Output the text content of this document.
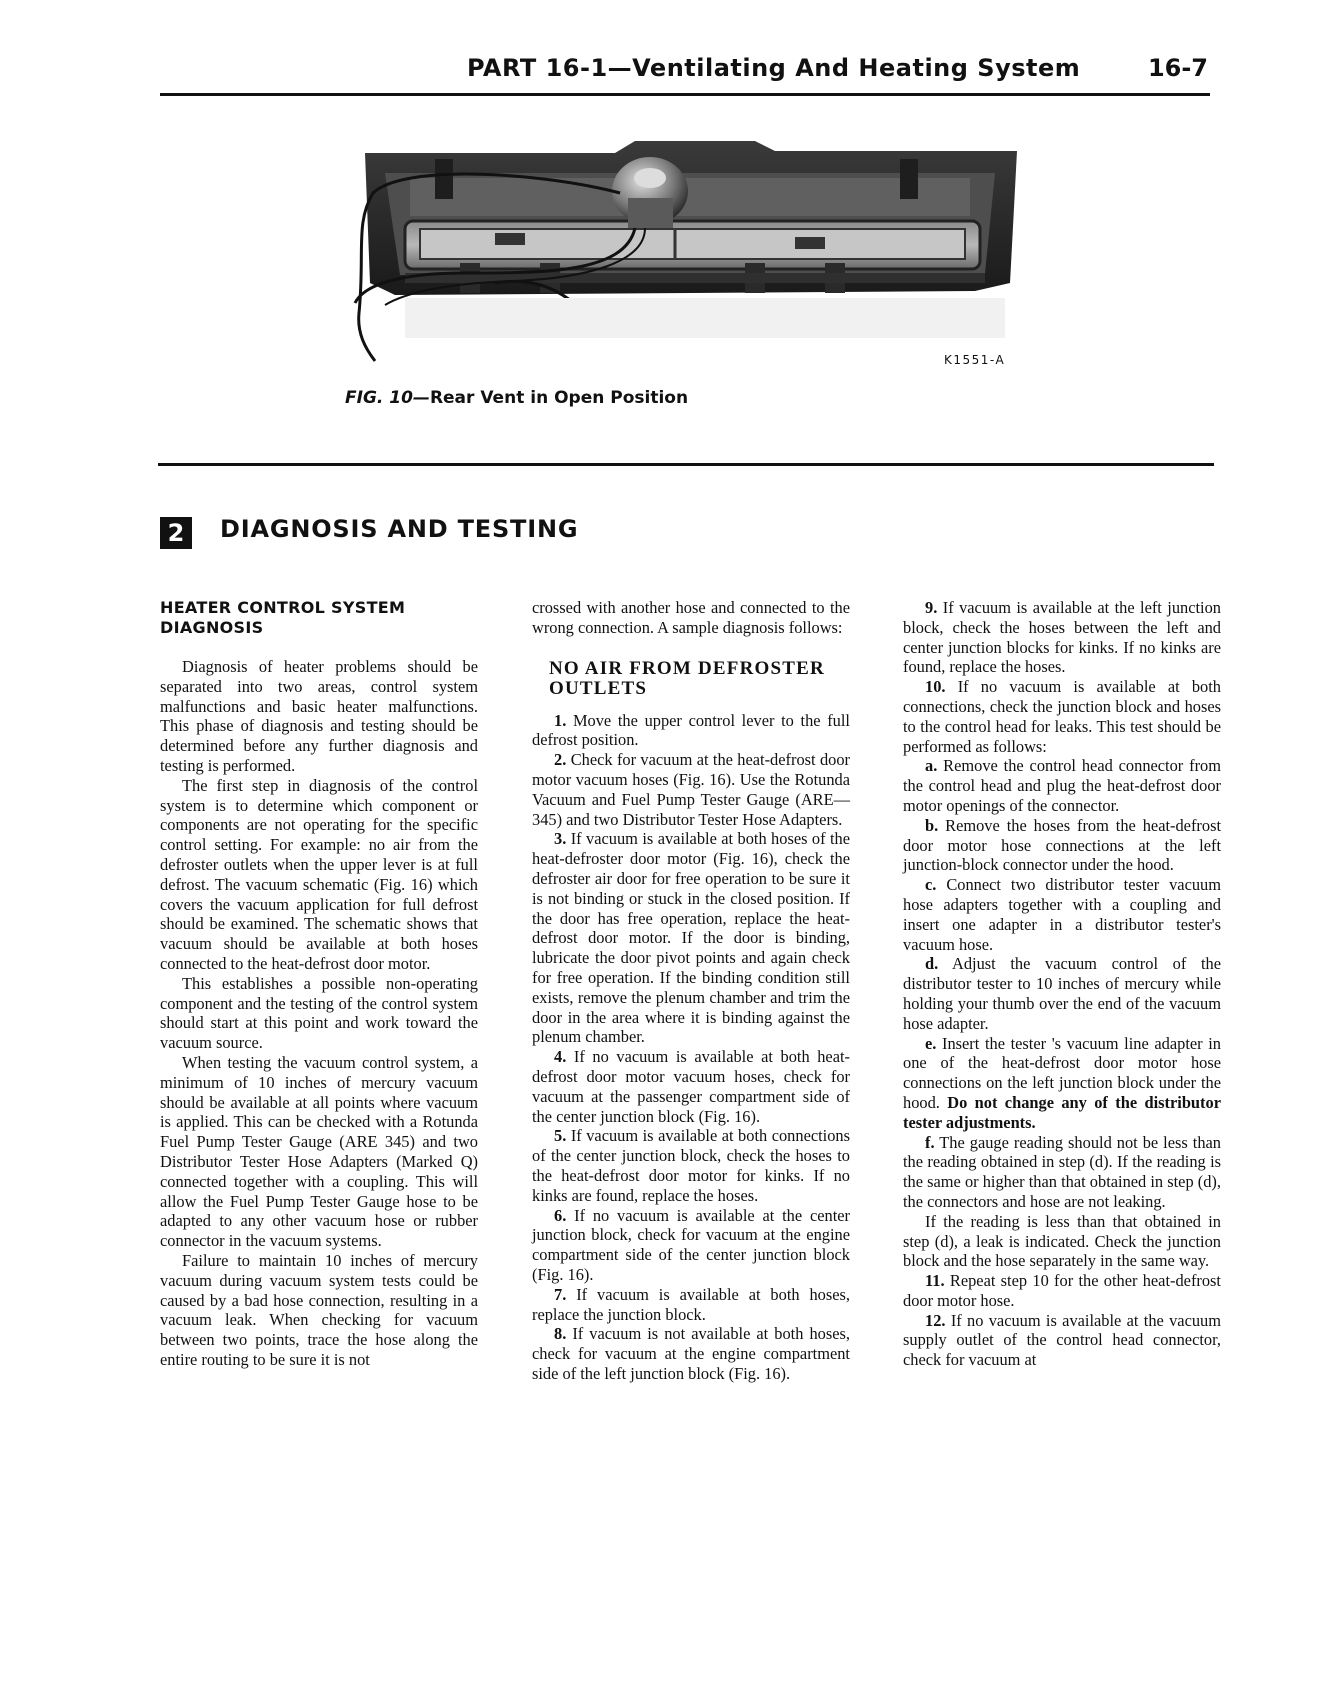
PART 16-1—Ventilating And Heating System	16-7
K1551-A
FIG. 10—Rear Vent in Open Position
2	DIAGNOSIS AND TESTING

HEATER CONTROL SYSTEM DIAGNOSIS

Diagnosis of heater problems should be separated into two areas, control system malfunctions and basic heater malfunctions. This phase of diagnosis and testing should be determined before any further diagnosis and testing is performed.

The first step in diagnosis of the control system is to determine which component or components are not operating for the specific control setting. For example: no air from the defroster outlets when the upper lever is at full defrost. The vacuum schematic (Fig. 16) which covers the vacuum application for full defrost should be examined. The schematic shows that vacuum should be available at both hoses connected to the heat-defrost door motor.

This establishes a possible non-operating component and the testing of the control system should start at this point and work toward the vacuum source.

When testing the vacuum control system, a minimum of 10 inches of mercury vacuum should be available at all points where vacuum is applied. This can be checked with a Rotunda Fuel Pump Tester Gauge (ARE 345) and two Distributor Tester Hose Adapters (Marked Q) connected together with a coupling. This will allow the Fuel Pump Tester Gauge hose to be adapted to any other vacuum hose or rubber connector in the vacuum systems.

Failure to maintain 10 inches of mercury vacuum during vacuum system tests could be caused by a bad hose connection, resulting in a vacuum leak. When checking for vacuum between two points, trace the hose along the entire routing to be sure it is not

crossed with another hose and connected to the wrong connection. A sample diagnosis follows:

NO AIR FROM DEFROSTER OUTLETS

1. Move the upper control lever to the full defrost position.

2. Check for vacuum at the heat-defrost door motor vacuum hoses (Fig. 16). Use the Rotunda Vacuum and Fuel Pump Tester Gauge (ARE—345) and two Distributor Tester Hose Adapters.

3. If vacuum is available at both hoses of the heat-defroster door motor (Fig. 16), check the defroster air door for free operation to be sure it is not binding or stuck in the closed position. If the door has free operation, replace the heat-defrost door motor. If the door is binding, lubricate the door pivot points and again check for free operation. If the binding condition still exists, remove the plenum chamber and trim the door in the area where it is binding against the plenum chamber.

4. If no vacuum is available at both heat-defrost door motor vacuum hoses, check for vacuum at the passenger compartment side of the center junction block (Fig. 16).

5. If vacuum is available at both connections of the center junction block, check the hoses to the heat-defrost door motor for kinks. If no kinks are found, replace the hoses.

6. If no vacuum is available at the center junction block, check for vacuum at the engine compartment side of the center junction block (Fig. 16).

7. If vacuum is available at both hoses, replace the junction block.

8. If vacuum is not available at both hoses, check for vacuum at the engine compartment side of the left junction block (Fig. 16).

9. If vacuum is available at the left junction block, check the hoses between the left and center junction blocks for kinks. If no kinks are found, replace the hoses.

10. If no vacuum is available at both connections, check the junction block and hoses to the control head for leaks. This test should be performed as follows:

a. Remove the control head connector from the control head and plug the heat-defrost door motor openings of the connector.

b. Remove the hoses from the heat-defrost door motor hose connections at the left junction-block connector under the hood.

c. Connect two distributor tester vacuum hose adapters together with a coupling and insert one adapter in a distributor tester's vacuum hose.

d. Adjust the vacuum control of the distributor tester to 10 inches of mercury while holding your thumb over the end of the vacuum hose adapter.

e. Insert the tester 's vacuum line adapter in one of the heat-defrost door motor hose connections on the left junction block under the hood. Do not change any of the distributor tester adjustments.

f. The gauge reading should not be less than the reading obtained in step (d). If the reading is the same or higher than that obtained in step (d), the connectors and hose are not leaking.

If the reading is less than that obtained in step (d), a leak is indicated. Check the junction block and the hose separately in the same way.

11. Repeat step 10 for the other heat-defrost door motor hose.

12. If no vacuum is available at the vacuum supply outlet of the control head connector, check for vacuum at
